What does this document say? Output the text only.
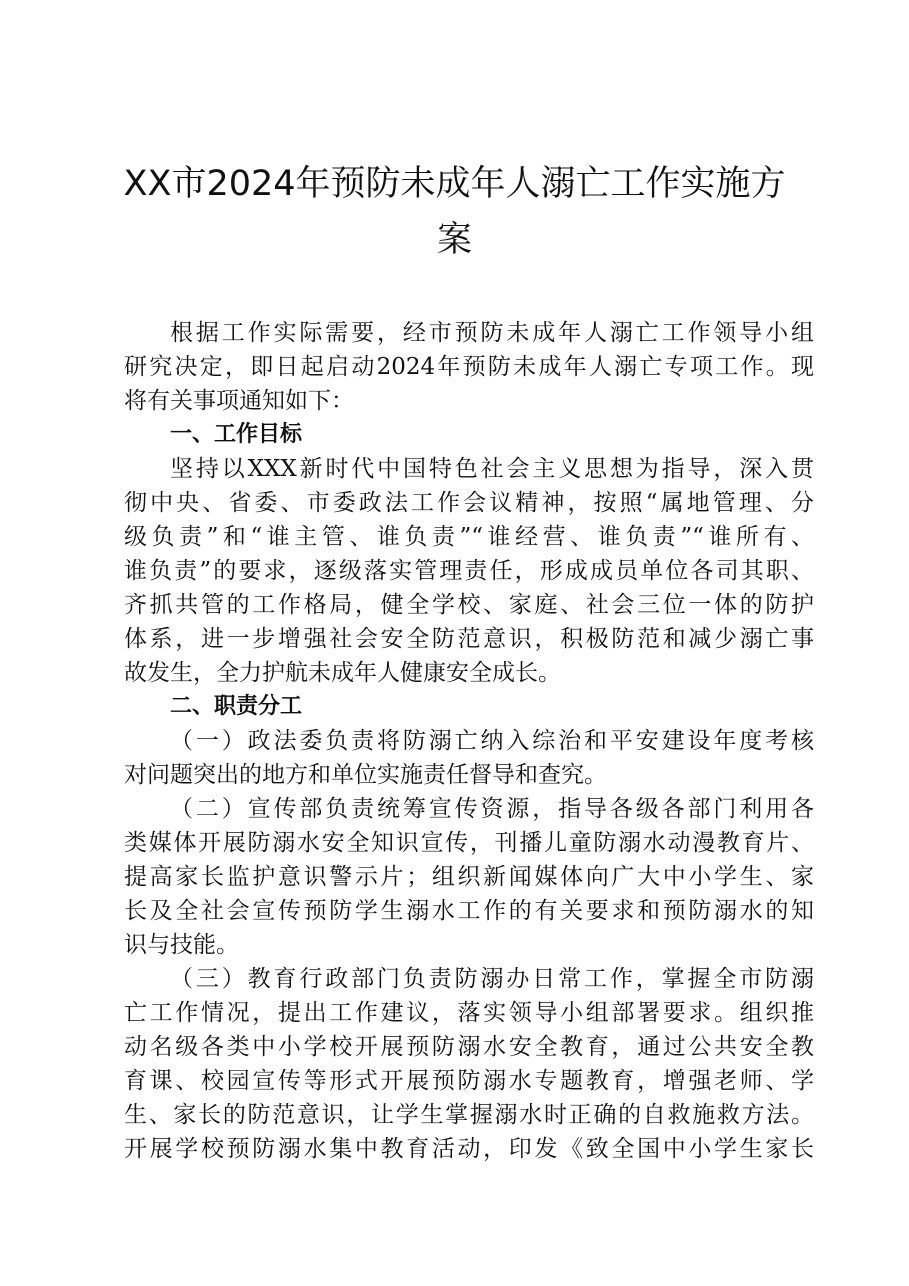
XX市2024年预防未成年人溺亡工作实施方
案
根据工作实际需要，经市预防未成年人溺亡工作领导小组
研究决定，即日起启动2024年预防未成年人溺亡专项工作。现
将有关事项通知如下：
一、工作目标
坚持以XXX新时代中国特色社会主义思想为指导，深入贯
彻中央、省委、市委政法工作会议精神，按照“属地管理、分
级负责”和“谁主管、谁负责”“谁经营、谁负责”“谁所有、
谁负责”的要求，逐级落实管理责任，形成成员单位各司其职、
齐抓共管的工作格局，健全学校、家庭、社会三位一体的防护
体系，进一步增强社会安全防范意识，积极防范和减少溺亡事
故发生，全力护航未成年人健康安全成长。
二、职责分工
（一）政法委负责将防溺亡纳入综治和平安建设年度考核
对问题突出的地方和单位实施责任督导和查究。
（二）宣传部负责统筹宣传资源，指导各级各部门利用各
类媒体开展防溺水安全知识宣传，刊播儿童防溺水动漫教育片、
提高家长监护意识警示片；组织新闻媒体向广大中小学生、家
长及全社会宣传预防学生溺水工作的有关要求和预防溺水的知
识与技能。
（三）教育行政部门负责防溺办日常工作，掌握全市防溺
亡工作情况，提出工作建议，落实领导小组部署要求。组织推
动名级各类中小学校开展预防溺水安全教育，通过公共安全教
育课、校园宣传等形式开展预防溺水专题教育，增强老师、学
生、家长的防范意识，让学生掌握溺水时正确的自救施救方法。
开展学校预防溺水集中教育活动，印发《致全国中小学生家长
